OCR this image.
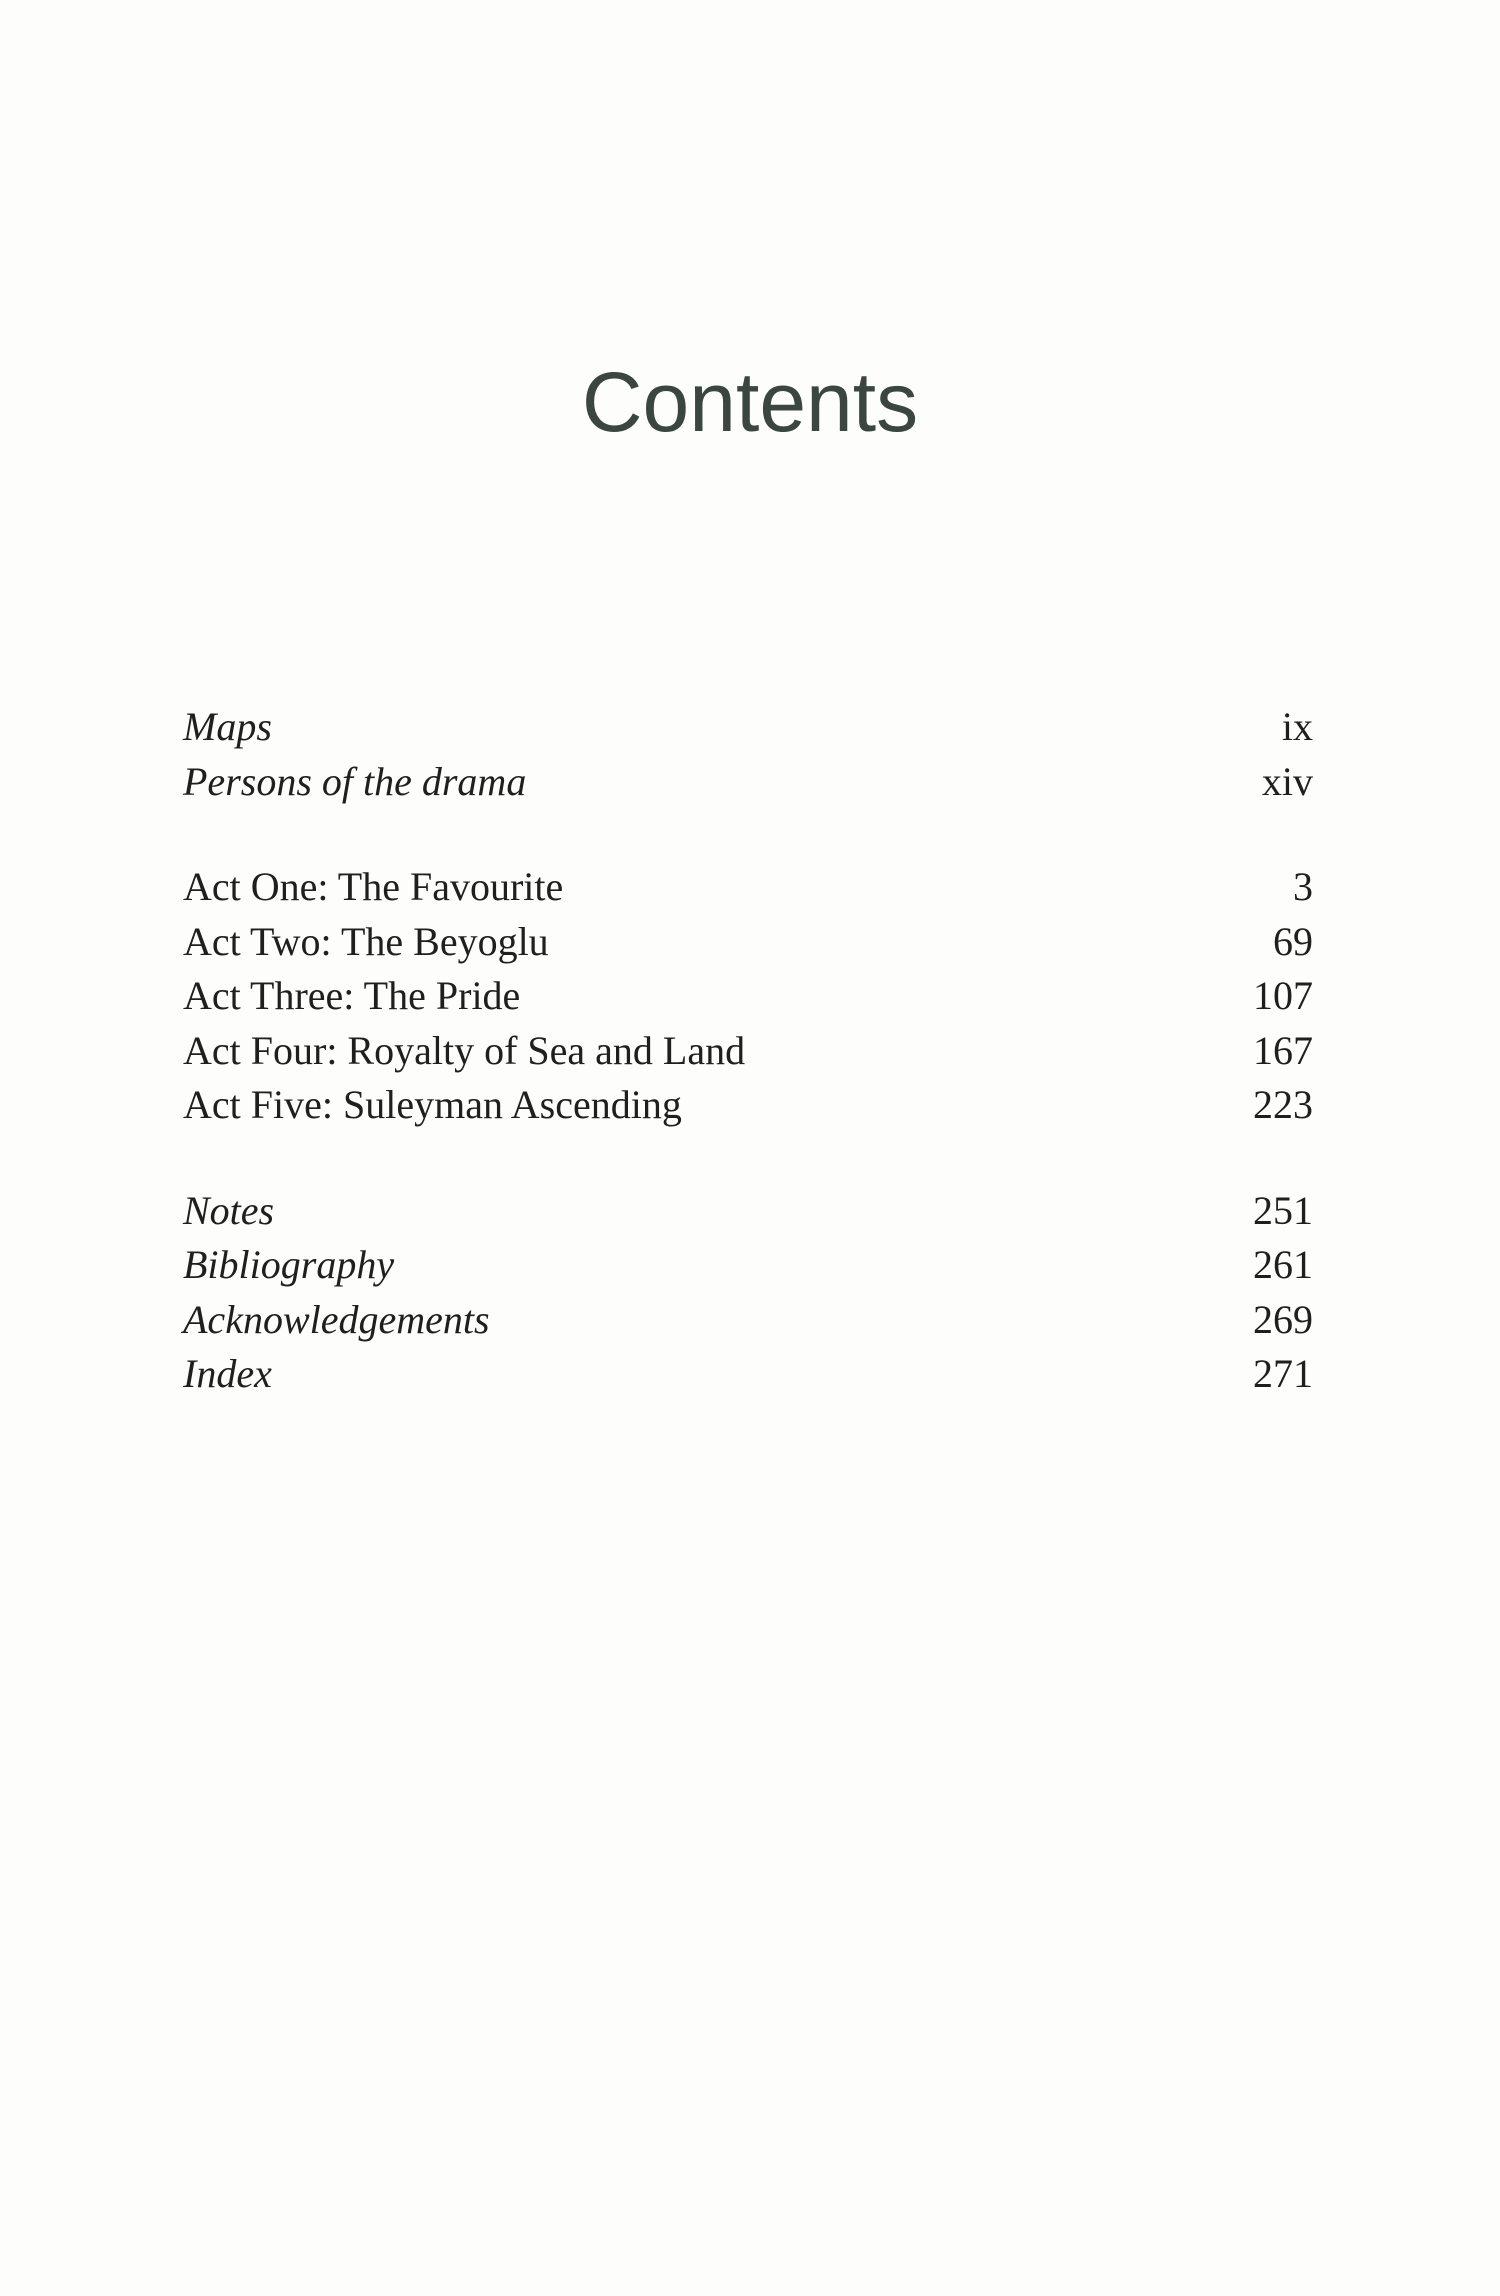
Contents
Maps	ix
Persons of the drama	xiv
Act One: The Favourite	3
Act Two: The Beyoglu	69
Act Three: The Pride	107
Act Four: Royalty of Sea and Land	167
Act Five: Suleyman Ascending	223
Notes	251
Bibliography	261
Acknowledgements	269
Index	271
